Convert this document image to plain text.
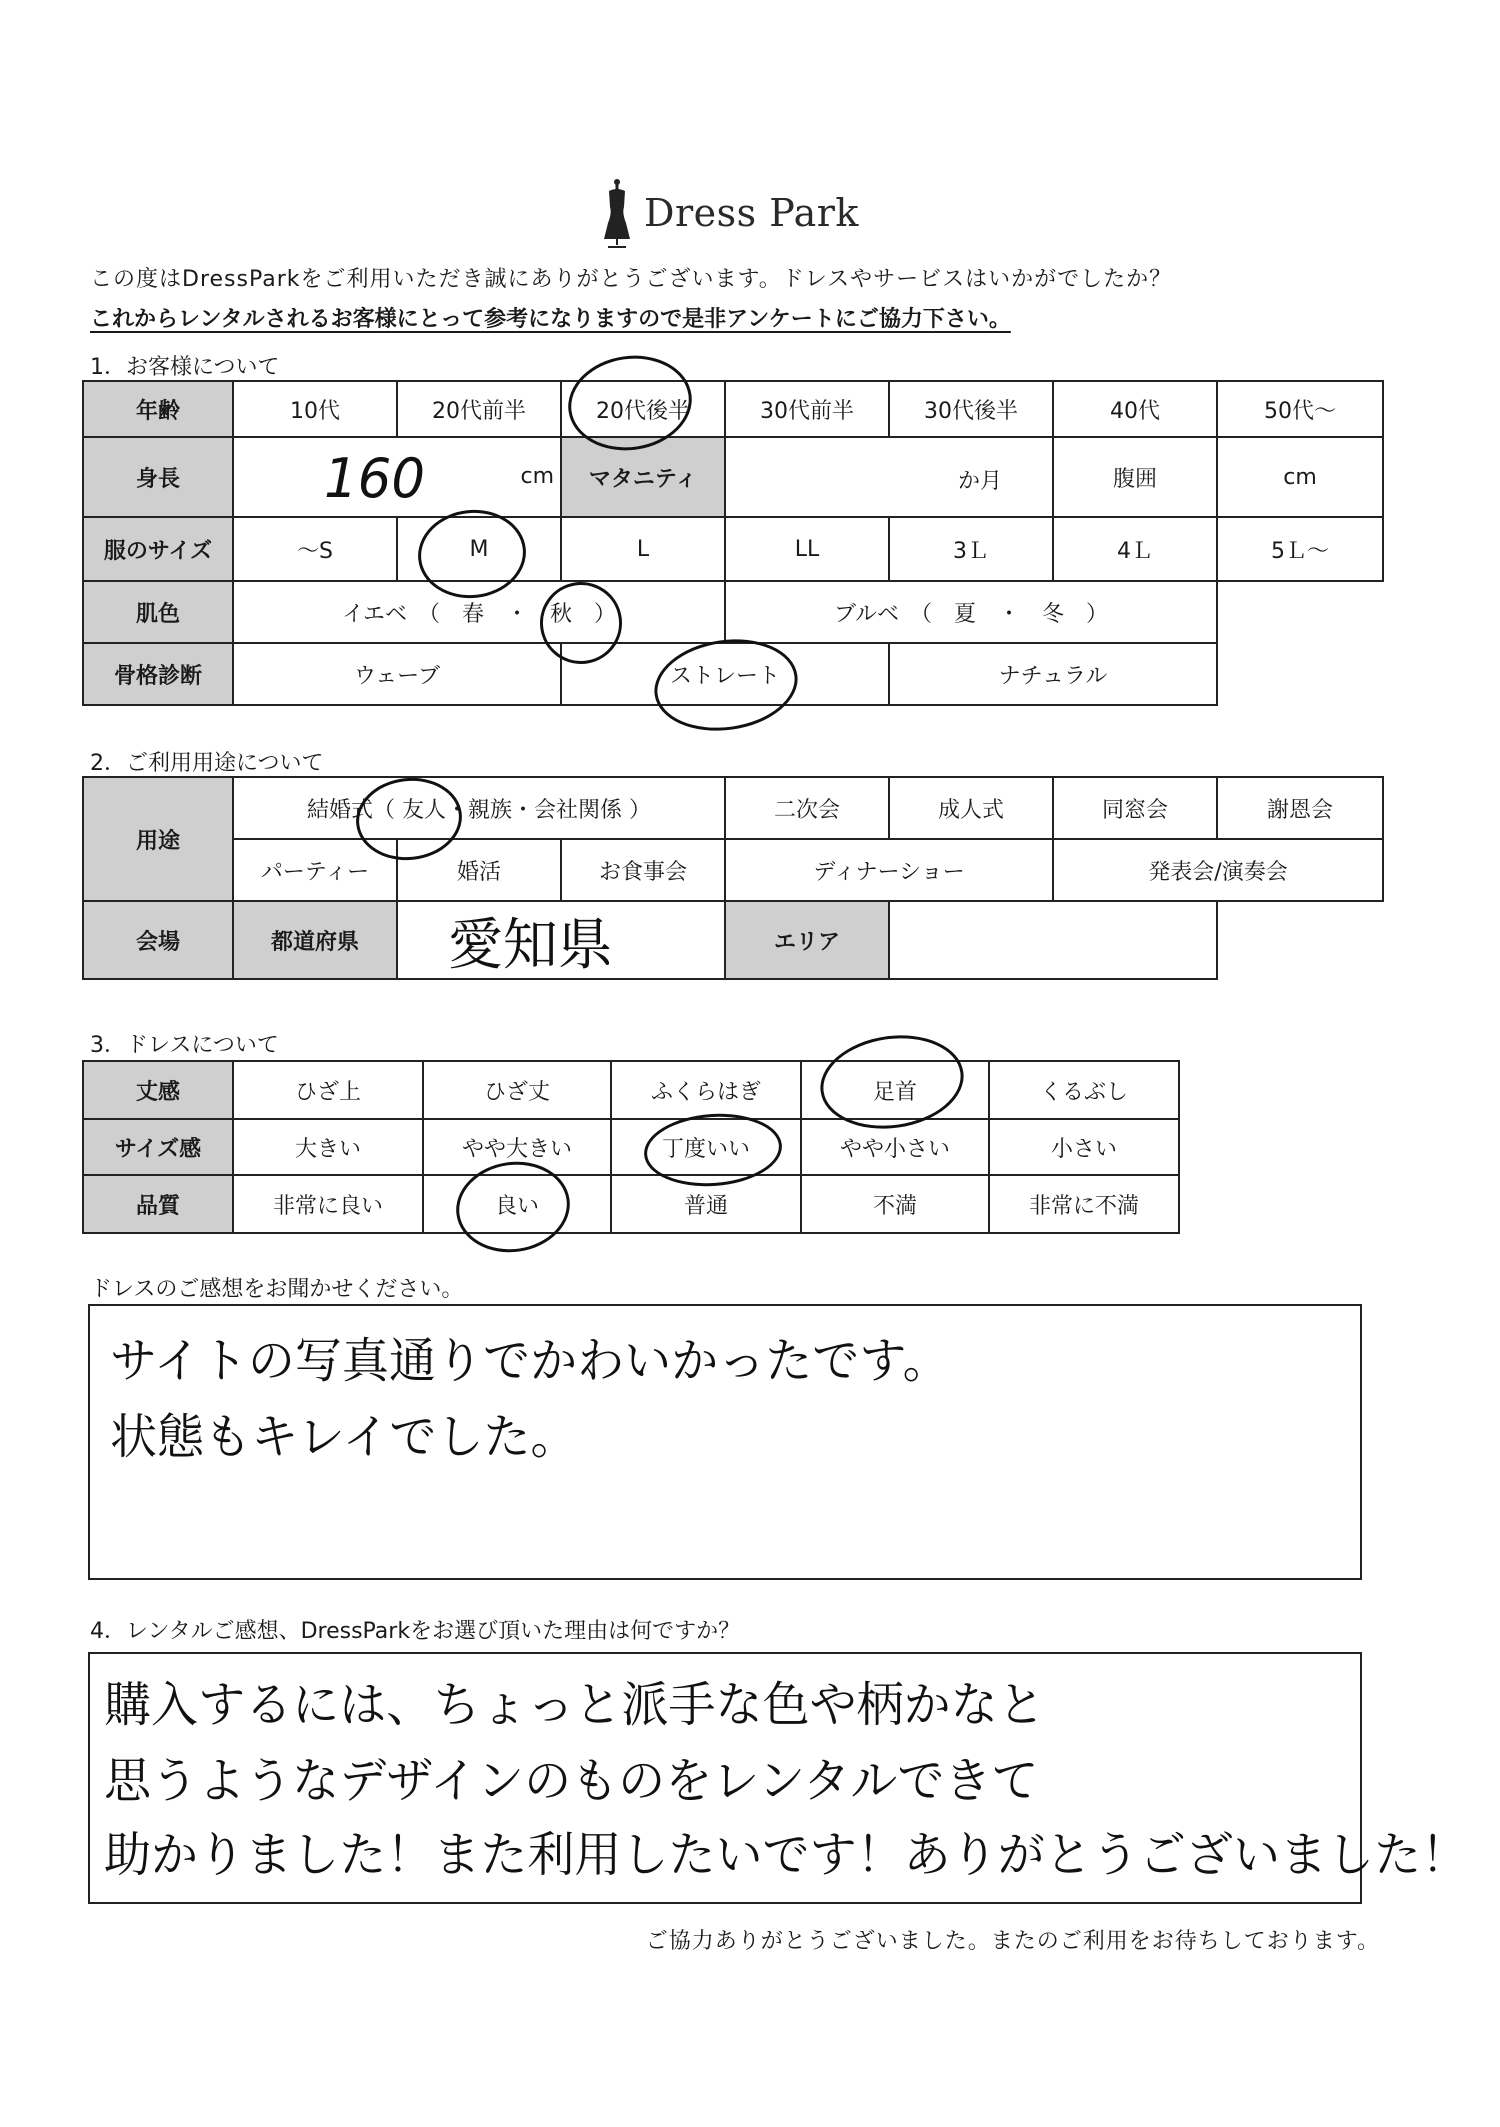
Dress Park
この度はDressParkをご利用いただき誠にありがとうございます。ドレスやサービスはいかがでしたか？
これからレンタルされるお客様にとって参考になりますので是非アンケートにご協力下さい。
1．お客様について
年齢	10代	20代前半	20代後半	30代前半	30代後半	40代	50代～
身長	160 cm		マタニティ	か月		腹囲	cm
服のサイズ	～S	M	L	LL	3Ｌ	4Ｌ	5Ｌ～
肌色	イエベ　（　春　・　秋　）			ブルベ　（　夏　・　冬　）			
骨格診断	ウェーブ		ストレート		ナチュラル		
2．ご利用用途について
用途	結婚式（ 友人・親族・会社関係 ）			二次会	成人式	同窓会	謝恩会
	パーティー	婚活	お食事会	ディナーショー		発表会/演奏会	
会場	都道府県	愛知県		エリア			
3．ドレスについて
丈感	ひざ上	ひざ丈	ふくらはぎ	足首	くるぶし
サイズ感	大きい	やや大きい	丁度いい	やや小さい	小さい
品質	非常に良い	良い	普通	不満	非常に不満
ドレスのご感想をお聞かせください。
サイトの写真通りでかわいかったです。
状態もキレイでした。
4．レンタルご感想、DressParkをお選び頂いた理由は何ですか？
購入するには、ちょっと派手な色や柄かなと
思うようなデザインのものをレンタルできて
助かりました！また利用したいです！ありがとうございました！
ご協力ありがとうございました。またのご利用をお待ちしております。
